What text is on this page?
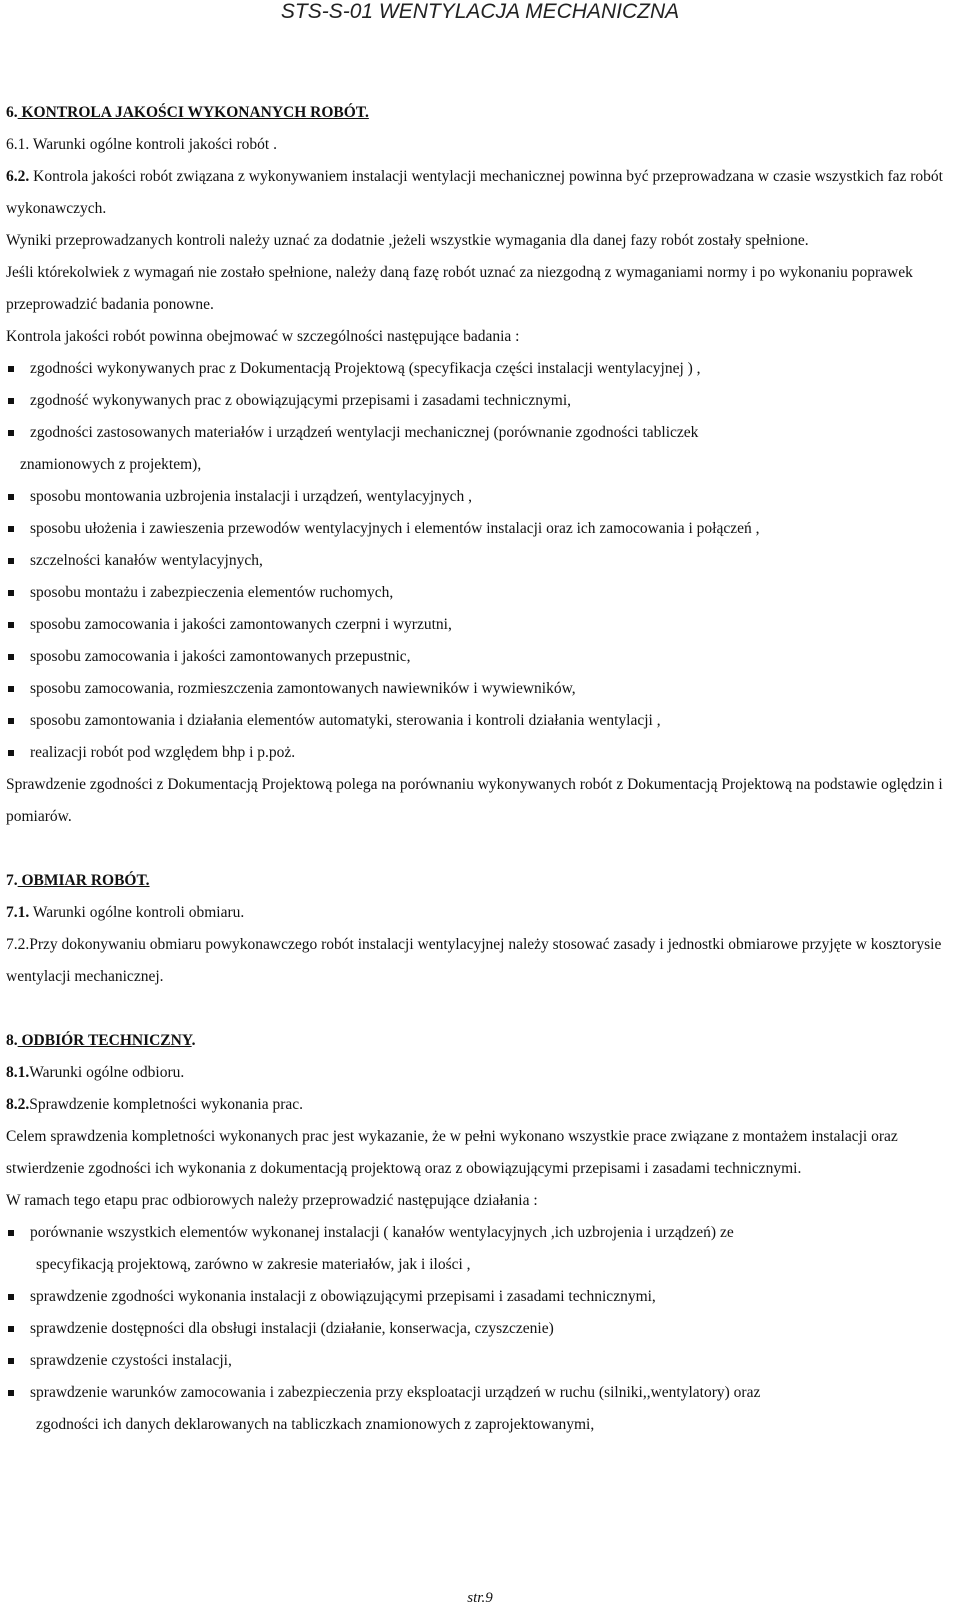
STS-S-01 WENTYLACJA MECHANICZNA

6. KONTROLA JAKOŚCI WYKONANYCH ROBÓT.

6.1. Warunki ogólne kontroli jakości robót .

6.2. Kontrola jakości robót związana z wykonywaniem instalacji wentylacji mechanicznej powinna być przeprowadzana w czasie wszystkich faz robót wykonawczych.

Wyniki przeprowadzanych kontroli należy uznać za dodatnie ,jeżeli wszystkie wymagania dla danej fazy robót zostały spełnione.

Jeśli którekolwiek z wymagań nie zostało spełnione, należy daną fazę robót uznać za niezgodną z wymaganiami normy i po wykonaniu poprawek przeprowadzić badania ponowne.

Kontrola jakości robót powinna obejmować w szczególności następujące badania :

zgodności wykonywanych prac z Dokumentacją Projektową (specyfikacja części instalacji wentylacyjnej ) ,
zgodność wykonywanych prac z obowiązującymi przepisami i zasadami technicznymi,
zgodności zastosowanych materiałów i urządzeń wentylacji mechanicznej (porównanie zgodności tabliczek

znamionowych z projektem),

sposobu montowania uzbrojenia instalacji i urządzeń, wentylacyjnych ,
sposobu ułożenia i zawieszenia przewodów wentylacyjnych i elementów instalacji oraz ich zamocowania i połączeń ,
szczelności kanałów wentylacyjnych,
sposobu montażu i zabezpieczenia elementów ruchomych,
sposobu zamocowania i jakości zamontowanych czerpni i wyrzutni,
sposobu zamocowania i jakości zamontowanych przepustnic,
sposobu zamocowania, rozmieszczenia zamontowanych nawiewników i wywiewników,
sposobu zamontowania i działania elementów automatyki, sterowania i kontroli działania wentylacji ,
realizacji robót pod względem bhp i p.poż.

Sprawdzenie zgodności z Dokumentacją Projektową polega na porównaniu wykonywanych robót z Dokumentacją Projektową na podstawie oględzin i pomiarów.

7. OBMIAR ROBÓT.

7.1. Warunki ogólne kontroli obmiaru.

7.2.Przy dokonywaniu obmiaru powykonawczego robót instalacji wentylacyjnej należy stosować zasady i jednostki obmiarowe przyjęte w kosztorysie wentylacji mechanicznej.

8. ODBIÓR TECHNICZNY.

8.1.Warunki ogólne odbioru.

8.2.Sprawdzenie kompletności wykonania prac.

Celem sprawdzenia kompletności wykonanych prac jest wykazanie, że w pełni wykonano wszystkie prace związane z montażem instalacji oraz stwierdzenie zgodności ich wykonania z dokumentacją projektową oraz z obowiązującymi przepisami i zasadami technicznymi.

W ramach tego etapu prac odbiorowych należy przeprowadzić następujące działania :

porównanie wszystkich elementów wykonanej instalacji ( kanałów wentylacyjnych ,ich uzbrojenia i urządzeń) ze

specyfikacją projektową, zarówno w zakresie materiałów, jak i ilości ,

sprawdzenie zgodności wykonania instalacji z obowiązującymi przepisami i zasadami technicznymi,
sprawdzenie dostępności dla obsługi instalacji (działanie, konserwacja, czyszczenie)
sprawdzenie czystości instalacji,
sprawdzenie warunków zamocowania i zabezpieczenia przy eksploatacji urządzeń w ruchu (silniki,,wentylatory) oraz

zgodności ich danych deklarowanych na tabliczkach znamionowych z zaprojektowanymi,

str.9
